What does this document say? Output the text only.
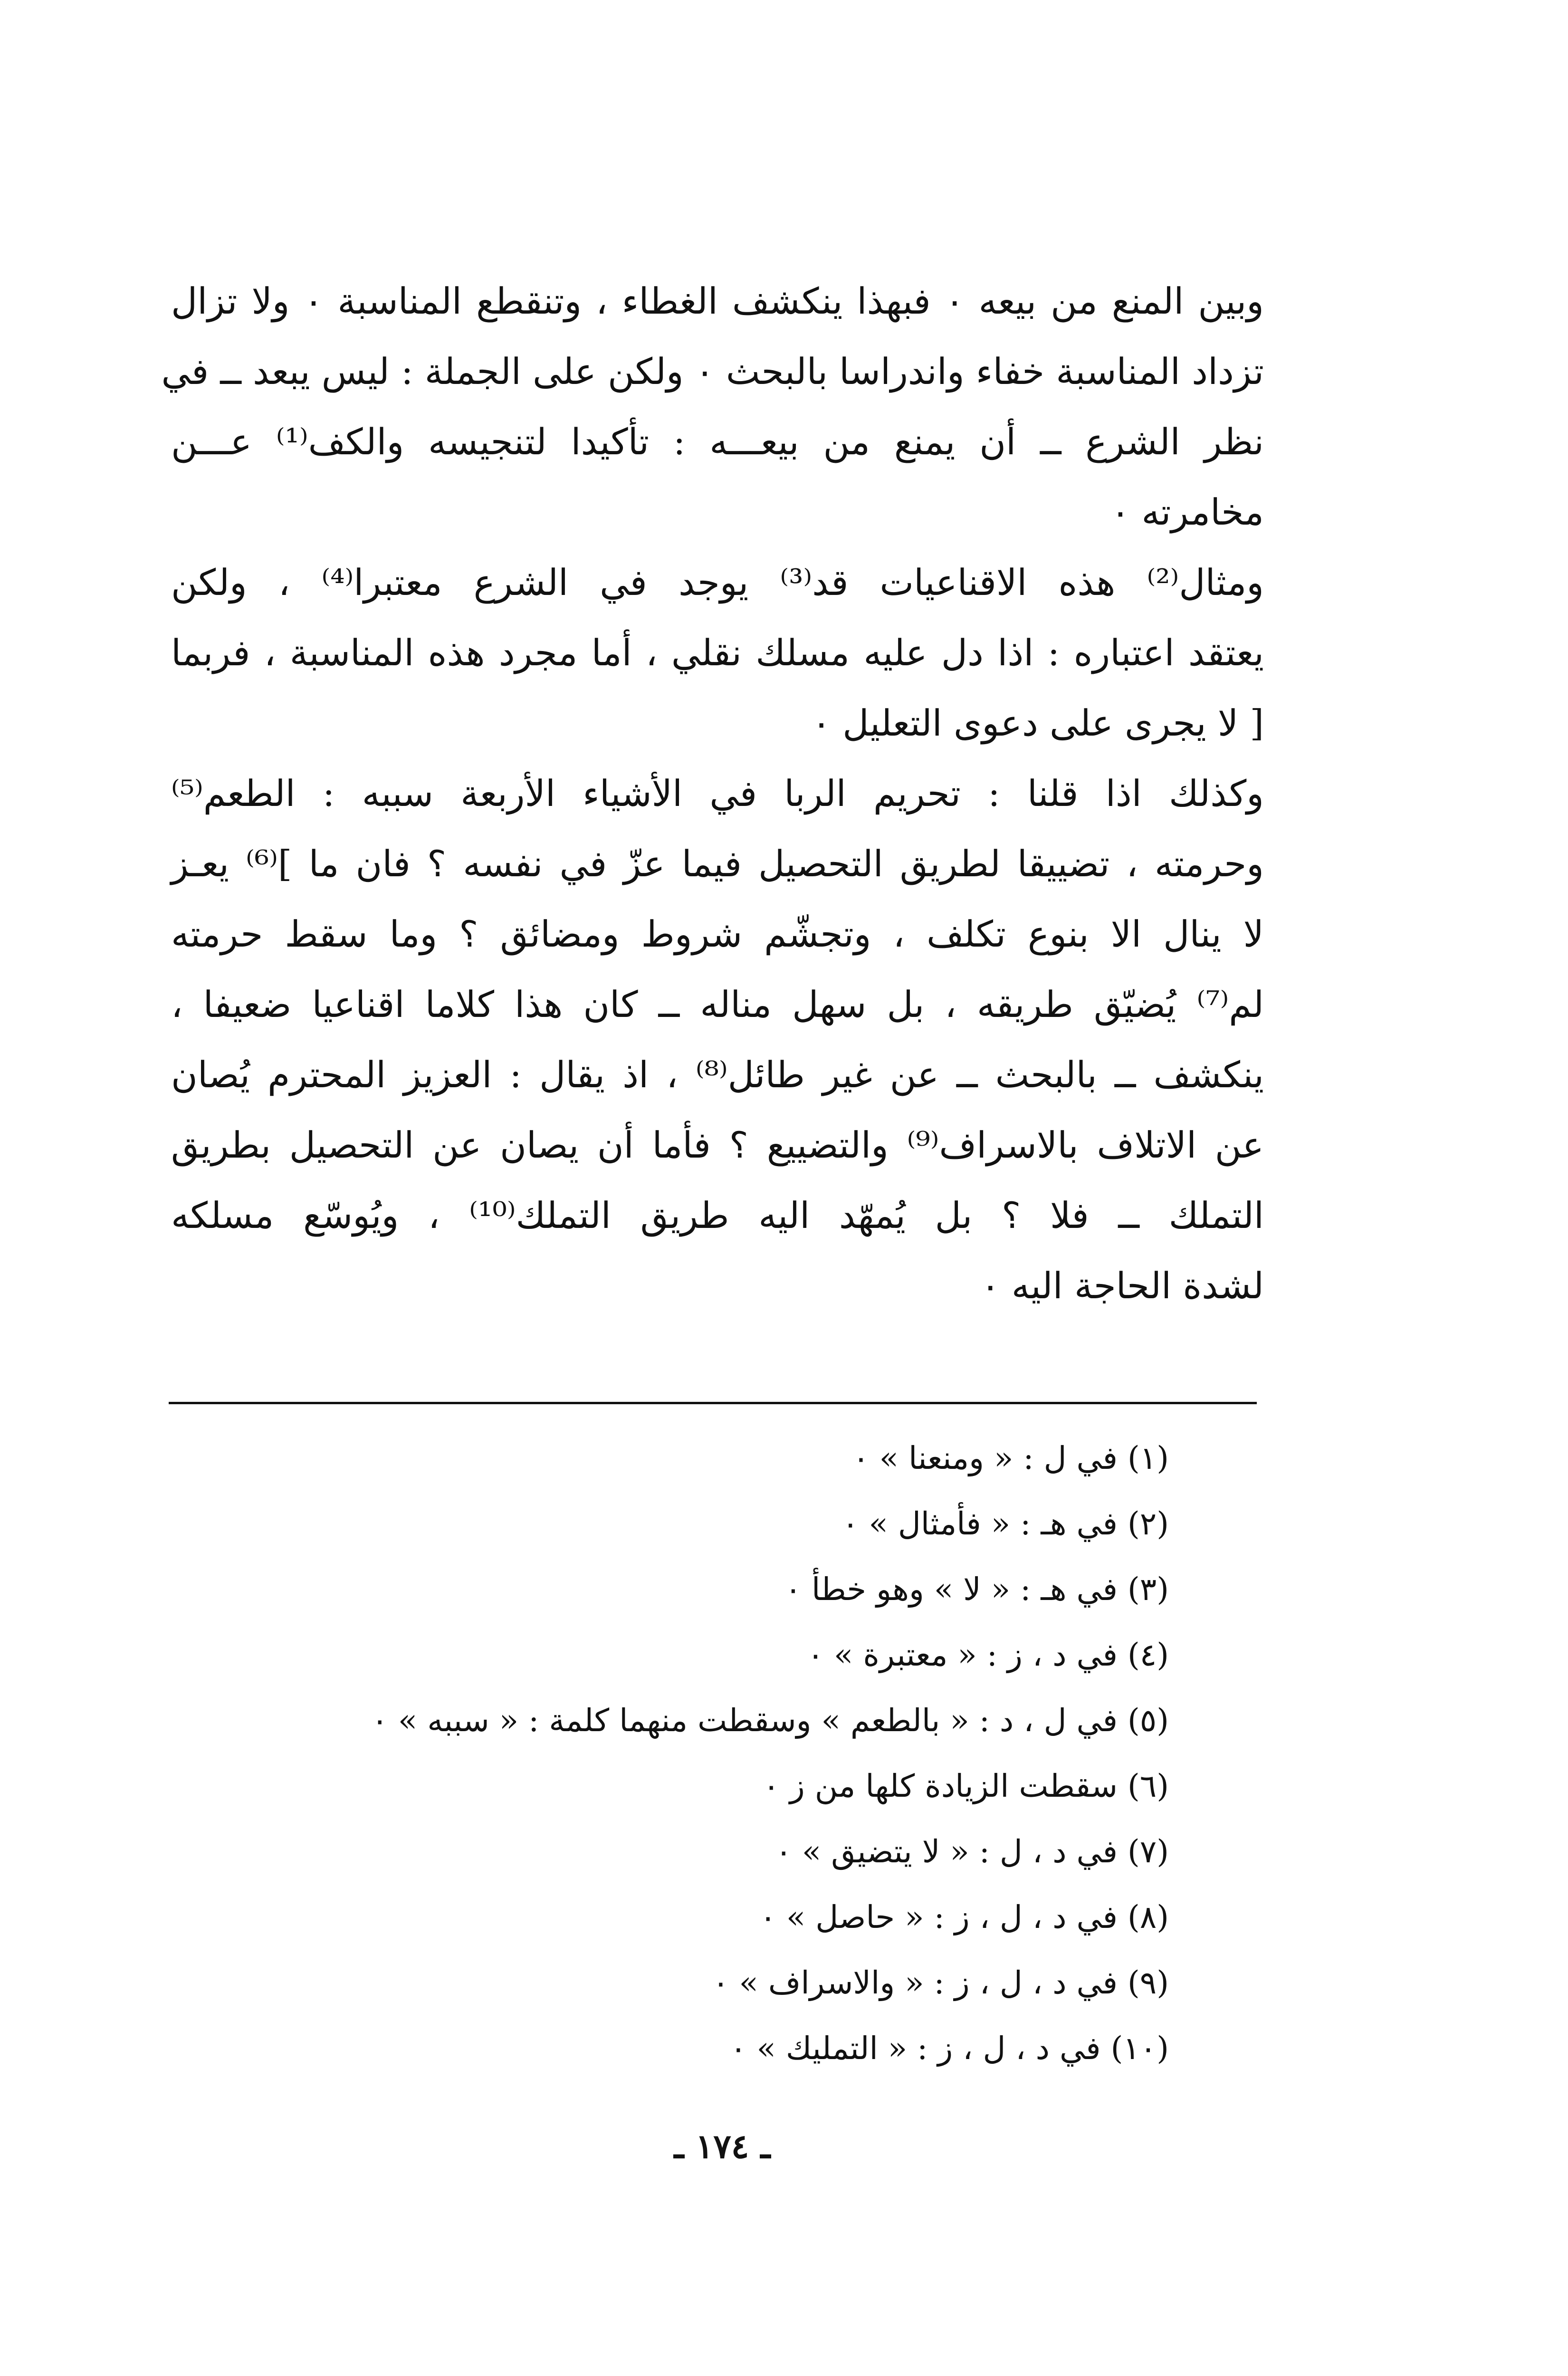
وبين المنع من بيعه ٠ فبهذا ينكشف الغطاء ، وتنقطع المناسبة ٠ ولا تزال
تزداد المناسبة خفاء واندراسا بالبحث ٠ ولكن على الجملة : ليس يبعد ــ في
نظر الشرع ــ أن يمنع من بيعـــه : تأكيدا لتنجيسه والكف⁽¹⁾ عـــن
مخامرته ٠
ومثال⁽²⁾ هذه الاقناعيات قد⁽³⁾ يوجد في الشرع معتبرا⁽⁴⁾ ، ولكن
يعتقد اعتباره : اذا دل عليه مسلك نقلي ، أما مجرد هذه المناسبة ، فربما
[ لا يجرى على دعوى التعليل ٠
وكذلك اذا قلنا : تحريم الربا في الأشياء الأربعة سببه : الطعم⁽⁵⁾
وحرمته ، تضييقا لطريق التحصيل فيما عزّ في نفسه ؟ فان ما ]⁽⁶⁾ يعـز
لا ينال الا بنوع تكلف ، وتجشّم شروط ومضائق ؟ وما سقط حرمته
لم⁽⁷⁾ يُضيّق طريقه ، بل سهل مناله ــ كان هذا كلاما اقناعيا ضعيفا ،
ينكشف ــ بالبحث ــ عن غير طائل⁽⁸⁾ ، اذ يقال : العزيز المحترم يُصان
عن الاتلاف بالاسراف⁽⁹⁾ والتضييع ؟ فأما أن يصان عن التحصيل بطريق
التملك ــ فلا ؟ بل يُمهّد اليه طريق التملك⁽¹⁰⁾ ، ويُوسّع مسلكه
لشدة الحاجة اليه ٠
(١) في ل : « ومنعنا » ٠
(٢) في هـ : « فأمثال » ٠
(٣) في هـ : « لا » وهو خطأ ٠
(٤) في د ، ز : « معتبرة » ٠
(٥) في ل ، د : « بالطعم » وسقطت منهما كلمة : « سببه » ٠
(٦) سقطت الزيادة كلها من ز ٠
(٧) في د ، ل : « لا يتضيق » ٠
(٨) في د ، ل ، ز : « حاصل » ٠
(٩) في د ، ل ، ز : « والاسراف » ٠
(١٠) في د ، ل ، ز : « التمليك » ٠
ـ ١٧٤ ـ
